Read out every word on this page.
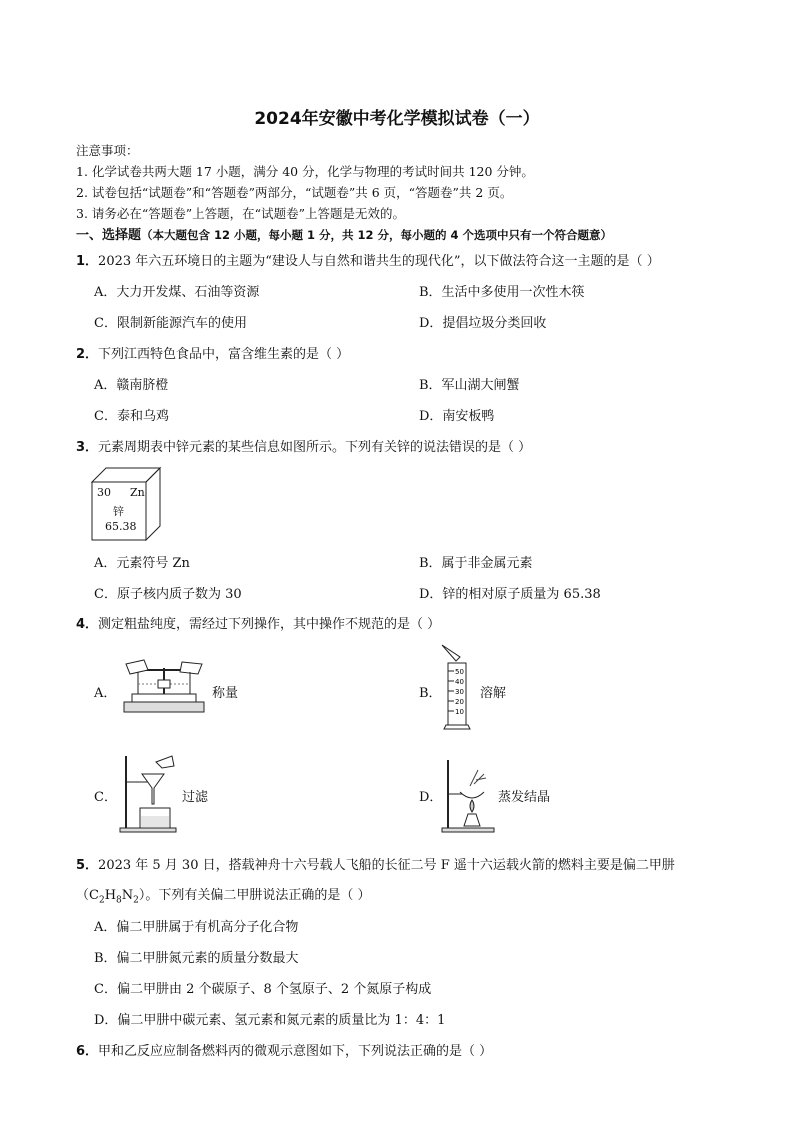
2024年安徽中考化学模拟试卷（一）
注意事项：
1. 化学试卷共两大题 17 小题，满分 40 分，化学与物理的考试时间共 120 分钟。
2. 试卷包括“试题卷”和“答题卷”两部分，“试题卷”共 6 页，“答题卷”共 2 页。
3. 请务必在“答题卷”上答题，在“试题卷”上答题是无效的。
一、选择题（本大题包含 12 小题，每小题 1 分，共 12 分，每小题的 4 个选项中只有一个符合题意）
1．2023 年六五环境日的主题为“建设人与自然和谐共生的现代化”，以下做法符合这一主题的是（ ）
A．大力开发煤、石油等资源	B．生活中多使用一次性木筷
C．限制新能源汽车的使用	D．提倡垃圾分类回收
2．下列江西特色食品中，富含维生素的是（ ）
A．赣南脐橙	B．军山湖大闸蟹
C．泰和乌鸡	D．南安板鸭
3．元素周期表中锌元素的某些信息如图所示。下列有关锌的说法错误的是（ ）
30 Zn
锌
65.38
A．元素符号 Zn	B．属于非金属元素
C．原子核内质子数为 30	D．锌的相对原子质量为 65.38
4．测定粗盐纯度，需经过下列操作，其中操作不规范的是（ ）
A．	称量	B．
50
40
30
20
10
溶解
C．	过滤	D．	蒸发结晶
5．2023 年 5 月 30 日，搭载神舟十六号载人飞船的长征二号 F 遥十六运载火箭的燃料主要是偏二甲肼
$(C_2H_8N_2)$。下列有关偏二甲肼说法正确的是（ ）
A．偏二甲肼属于有机高分子化合物
B．偏二甲肼氮元素的质量分数最大
C．偏二甲肼由 2 个碳原子、8 个氢原子、2 个氮原子构成
D．偏二甲肼中碳元素、氢元素和氮元素的质量比为 1：4：1
6．甲和乙反应应制备燃料丙的微观示意图如下，下列说法正确的是（ ）
